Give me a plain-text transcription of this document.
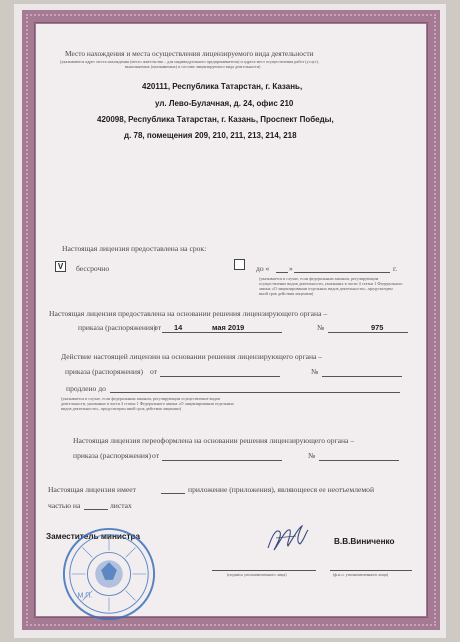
Место нахождения и места осуществления лицензируемого вида деятельности
(указываются адрес места нахождения (место жительства – для индивидуального предпринимателя) и адреса мест осуществления работ (услуг),
выполняемых (оказываемых) в составе лицензируемого вида деятельности)
420111, Республика Татарстан, г. Казань,
ул. Лево-Булачная, д. 24, офис 210
420098, Республика Татарстан, г. Казань, Проспект Победы,
д. 78, помещения 209, 210, 211, 213, 214, 218
Настоящая лицензия предоставлена на срок:
V	бессрочно	до «	»	г.
(указывается в случае, если федеральным законом, регулирующим
осуществление видов деятельности, указанных в части 4 статьи 1 Федерального
закона «О лицензировании отдельных видов деятельности», предусмотрен
иной срок действия лицензии)
Настоящая лицензия предоставлена на основании решения лицензирующего органа –
приказа (распоряжения)
от 14	мая 2019	№	975
Действие настоящей лицензии на основании решения лицензирующего органа –
приказа (распоряжения) от	№
продлено до
(указывается в случае, если федеральным законом, регулирующим осуществление видов
деятельности, указанных в части 4 статьи 1 Федерального закона «О лицензировании отдельных
видов деятельности», предусмотрен иной срок действия лицензии)
Настоящая лицензия переоформлена на основании решения лицензирующего органа –
приказа (распоряжения) от	№
Настоящая лицензия имеет	приложение (приложения), являющееся ее неотъемлемой
частью на	листах
Заместитель министра
В.В.Виниченко
(подпись уполномоченного лица)	(ф.и.о. уполномоченного лица)
М.П.
